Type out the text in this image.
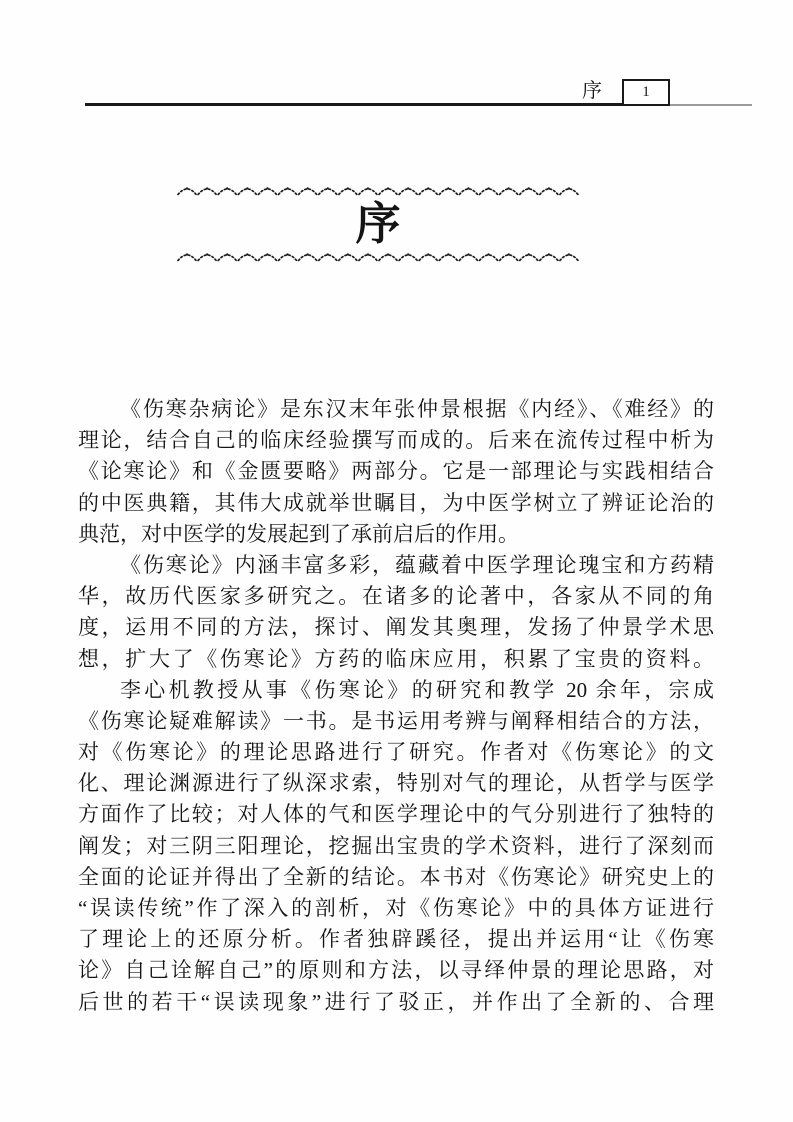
序	1
序
《伤寒杂病论》是东汉末年张仲景根据《内经》、《难经》的
理论，结合自己的临床经验撰写而成的。后来在流传过程中析为
《论寒论》和《金匮要略》两部分。它是一部理论与实践相结合
的中医典籍，其伟大成就举世瞩目，为中医学树立了辨证论治的
典范，对中医学的发展起到了承前启后的作用。
《伤寒论》内涵丰富多彩，蕴藏着中医学理论瑰宝和方药精
华，故历代医家多研究之。在诸多的论著中，各家从不同的角
度，运用不同的方法，探讨、阐发其奥理，发扬了仲景学术思
想，扩大了《伤寒论》方药的临床应用，积累了宝贵的资料。
李心机教授从事《伤寒论》的研究和教学 20 余年，宗成
《伤寒论疑难解读》一书。是书运用考辨与阐释相结合的方法，
对《伤寒论》的理论思路进行了研究。作者对《伤寒论》的文
化、理论渊源进行了纵深求索，特别对气的理论，从哲学与医学
方面作了比较；对人体的气和医学理论中的气分别进行了独特的
阐发；对三阴三阳理论，挖掘出宝贵的学术资料，进行了深刻而
全面的论证并得出了全新的结论。本书对《伤寒论》研究史上的
“误读传统”作了深入的剖析，对《伤寒论》中的具体方证进行
了理论上的还原分析。作者独辟蹊径，提出并运用“让《伤寒
论》自己诠解自己”的原则和方法，以寻绎仲景的理论思路，对
后世的若干“误读现象”进行了驳正，并作出了全新的、合理
